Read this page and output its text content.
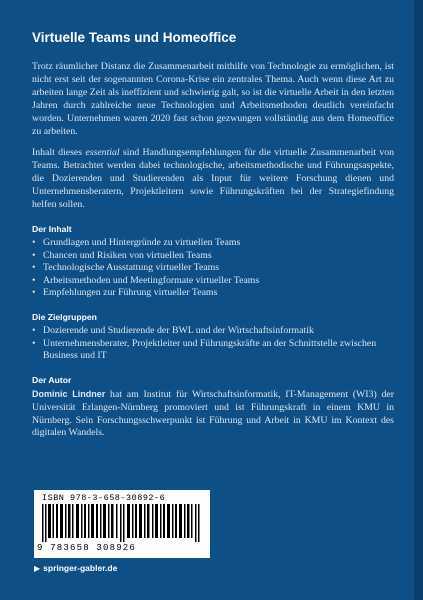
Virtuelle Teams und Homeoffice

Trotz räumlicher Distanz die Zusammenarbeit mithilfe von Technologie zu ermöglichen, ist nicht erst seit der sogenannten Corona-Krise ein zentrales Thema. Auch wenn diese Art zu arbeiten lange Zeit als ineffizient und schwierig galt, so ist die virtuelle Arbeit in den letzten Jahren durch zahlreiche neue Technologien und Arbeitsmethoden deutlich vereinfacht worden. Unternehmen waren 2020 fast schon gezwungen vollständig aus dem Homeoffice zu arbeiten.

Inhalt dieses essential sind Handlungsempfehlungen für die virtuelle Zusammenarbeit von Teams. Betrachtet werden dabei technologische, arbeitsmethodische und Führungsaspekte, die Dozierenden und Studierenden als Input für weitere Forschung dienen und Unternehmensberatern, Projektleitern sowie Führungskräften bei der Strategiefindung helfen sollen.

Der Inhalt
• Grundlagen und Hintergründe zu virtuellen Teams
• Chancen und Risiken von virtuellen Teams
• Technologische Ausstattung virtueller Teams
• Arbeitsmethoden und Meetingformate virtueller Teams
• Empfehlungen zur Führung virtueller Teams
Die Zielgruppen
• Dozierende und Studierende der BWL und der Wirtschaftsinformatik
• Unternehmensberater, Projektleiter und Führungskräfte an der Schnittstelle zwischen Business und IT
Der Autor

Dominic Lindner hat am Institut für Wirtschaftsinformatik, IT-Management (WI3) der Universität Erlangen-Nürnberg promoviert und ist Führungskraft in einem KMU in Nürnberg. Sein Forschungsschwerpunkt ist Führung und Arbeit in KMU im Kontext des digitalen Wandels.

ISBN 978-3-658-30892-6
9 783658 308926
▶ springer-gabler.de
